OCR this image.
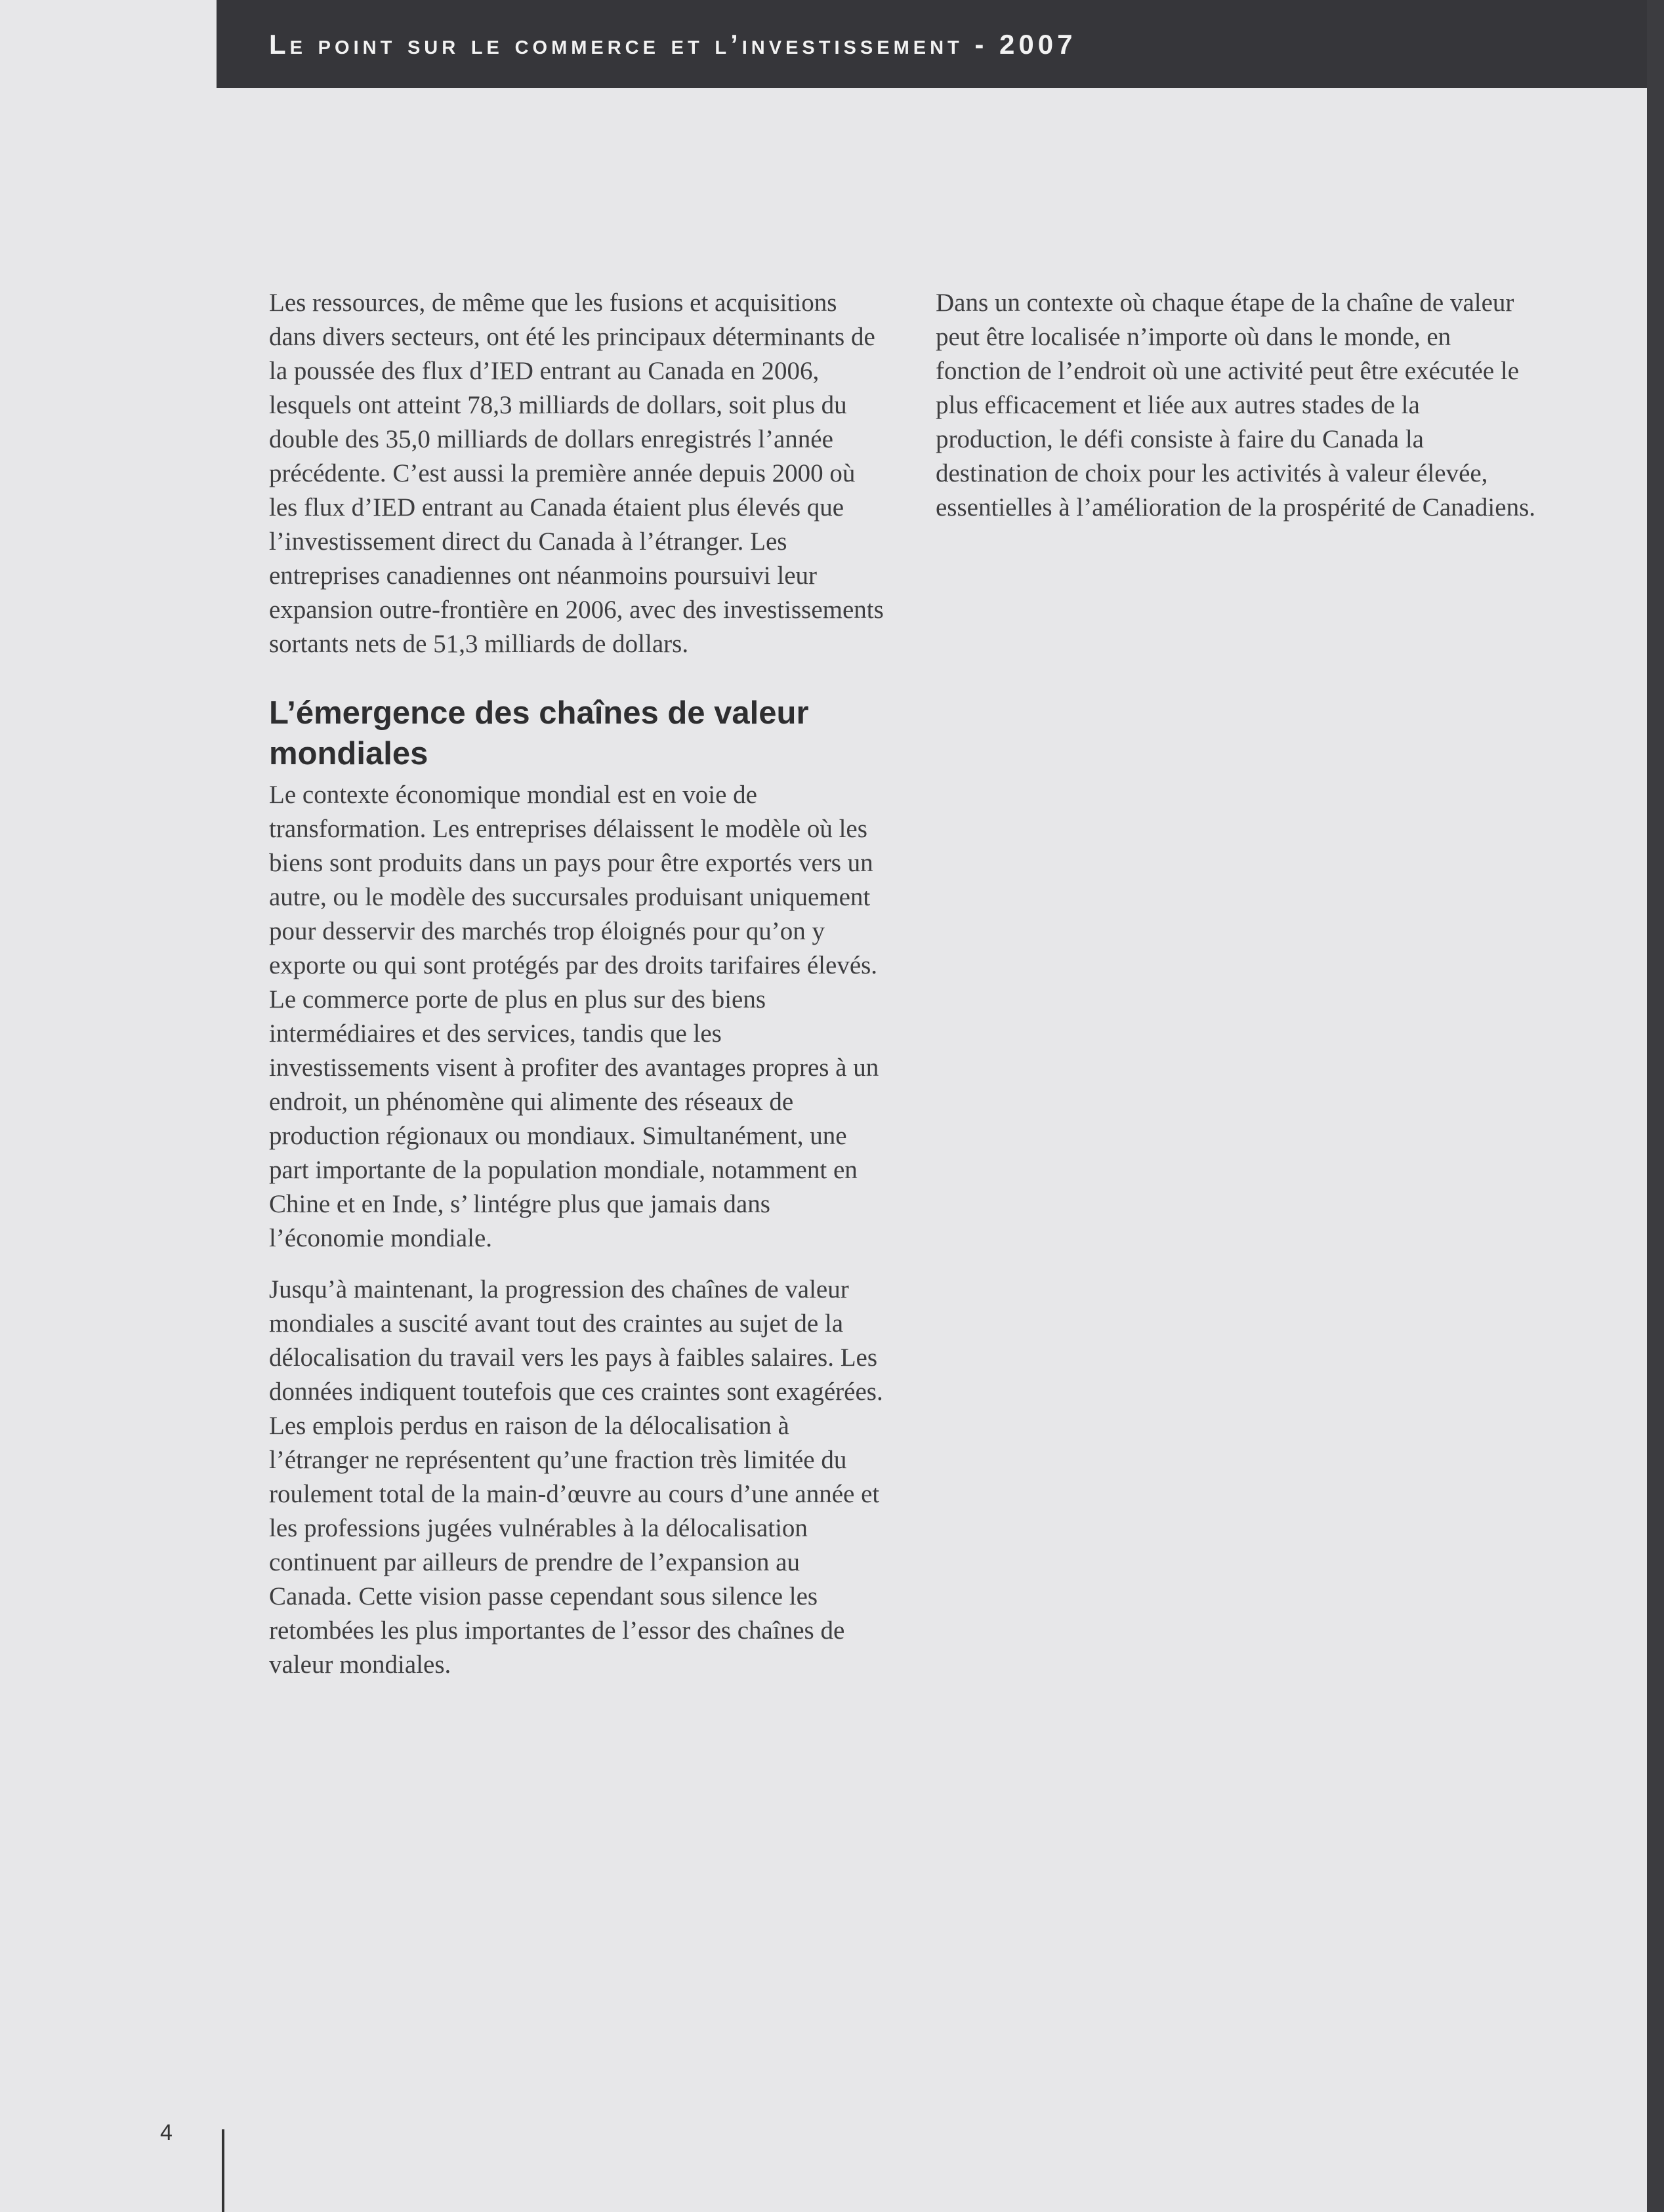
Le point sur le commerce et l’investissement - 2007

Les ressources, de même que les fusions et acquisitions dans divers secteurs, ont été les principaux déterminants de la poussée des flux d’IED entrant au Canada en 2006, lesquels ont atteint 78,3 milliards de dollars, soit plus du double des 35,0 milliards de dollars enregistrés l’année précédente. C’est aussi la première année depuis 2000 où les flux d’IED entrant au Canada étaient plus élevés que l’investissement direct du Canada à l’étranger. Les entreprises canadiennes ont néanmoins poursuivi leur expansion outre-frontière en 2006, avec des investissements sortants nets de 51,3 milliards de dollars.

L’émergence des chaînes de valeur mondiales

Le contexte économique mondial est en voie de transformation. Les entreprises délaissent le modèle où les biens sont produits dans un pays pour être exportés vers un autre, ou le modèle des succursales produisant uniquement pour desservir des marchés trop éloignés pour qu’on y exporte ou qui sont protégés par des droits tarifaires élevés. Le commerce porte de plus en plus sur des biens intermédiaires et des services, tandis que les investissements visent à profiter des avantages propres à un endroit, un phénomène qui alimente des réseaux de production régionaux ou mondiaux. Simultanément, une part importante de la population mondiale, notamment en Chine et en Inde, s’ lintégre plus que jamais dans l’économie mondiale.

Jusqu’à maintenant, la progression des chaînes de valeur mondiales a suscité avant tout des craintes au sujet de la délocalisation du travail vers les pays à faibles salaires. Les données indiquent toutefois que ces craintes sont exagérées. Les emplois perdus en raison de la délocalisation à l’étranger ne représentent qu’une fraction très limitée du roulement total de la main-d’œuvre au cours d’une année et les professions jugées vulnérables à la délocalisation continuent par ailleurs de prendre de l’expansion au Canada. Cette vision passe cependant sous silence les retombées les plus importantes de l’essor des chaînes de valeur mondiales.

Dans un contexte où chaque étape de la chaîne de valeur peut être localisée n’importe où dans le monde, en fonction de l’endroit où une activité peut être exécutée le plus efficacement et liée aux autres stades de la production, le défi consiste à faire du Canada la destination de choix pour les activités à valeur élevée, essentielles à l’amélioration de la prospérité de Canadiens.

4
